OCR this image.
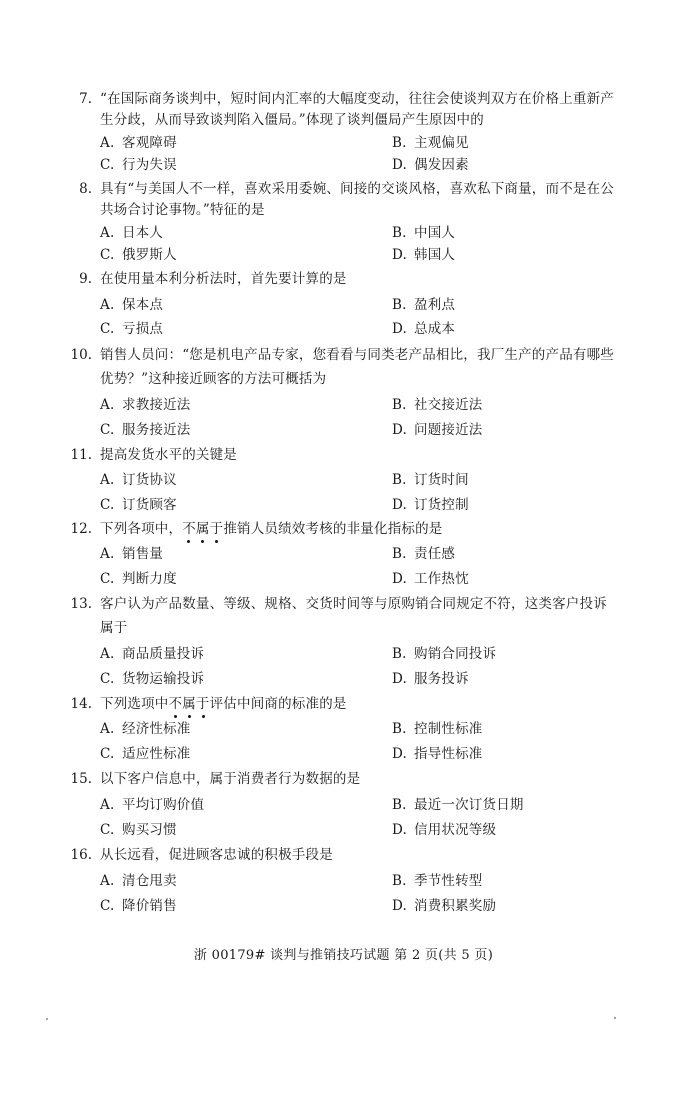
7. “在国际商务谈判中，短时间内汇率的大幅度变动，往往会使谈判双方在价格上重新产
生分歧，从而导致谈判陷入僵局。”体现了谈判僵局产生原因中的
A. 客观障碍	B. 主观偏见
C. 行为失误	D. 偶发因素
8. 具有“与美国人不一样，喜欢采用委婉、间接的交谈风格，喜欢私下商量，而不是在公
共场合讨论事物。”特征的是
A. 日本人	B. 中国人
C. 俄罗斯人	D. 韩国人
9. 在使用量本利分析法时，首先要计算的是
A. 保本点	B. 盈利点
C. 亏损点	D. 总成本
10. 销售人员问：“您是机电产品专家，您看看与同类老产品相比，我厂生产的产品有哪些
优势？”这种接近顾客的方法可概括为
A. 求教接近法	B. 社交接近法
C. 服务接近法	D. 问题接近法
11. 提高发货水平的关键是
A. 订货协议	B. 订货时间
C. 订货顾客	D. 订货控制
12. 下列各项中，不属于
推销人员绩效考核的非量化指标的是
A. 销售量	B. 责任感
C. 判断力度	D. 工作热忱
13. 客户认为产品数量、等级、规格、交货时间等与原购销合同规定不符，这类客户投诉
属于
A. 商品质量投诉	B. 购销合同投诉
C. 货物运输投诉	D. 服务投诉
14. 下列选项中不属于
评估中间商的标准的是
A. 经济性标准	B. 控制性标准
C. 适应性标准	D. 指导性标准
15. 以下客户信息中，属于消费者行为数据的是
A. 平均订购价值	B. 最近一次订货日期
C. 购买习惯	D. 信用状况等级
16. 从长远看，促进顾客忠诚的积极手段是
A. 清仓甩卖	B. 季节性转型
C. 降价销售	D. 消费积累奖励
浙 00179# 谈判与推销技巧试题 第 2 页(共 5 页)
